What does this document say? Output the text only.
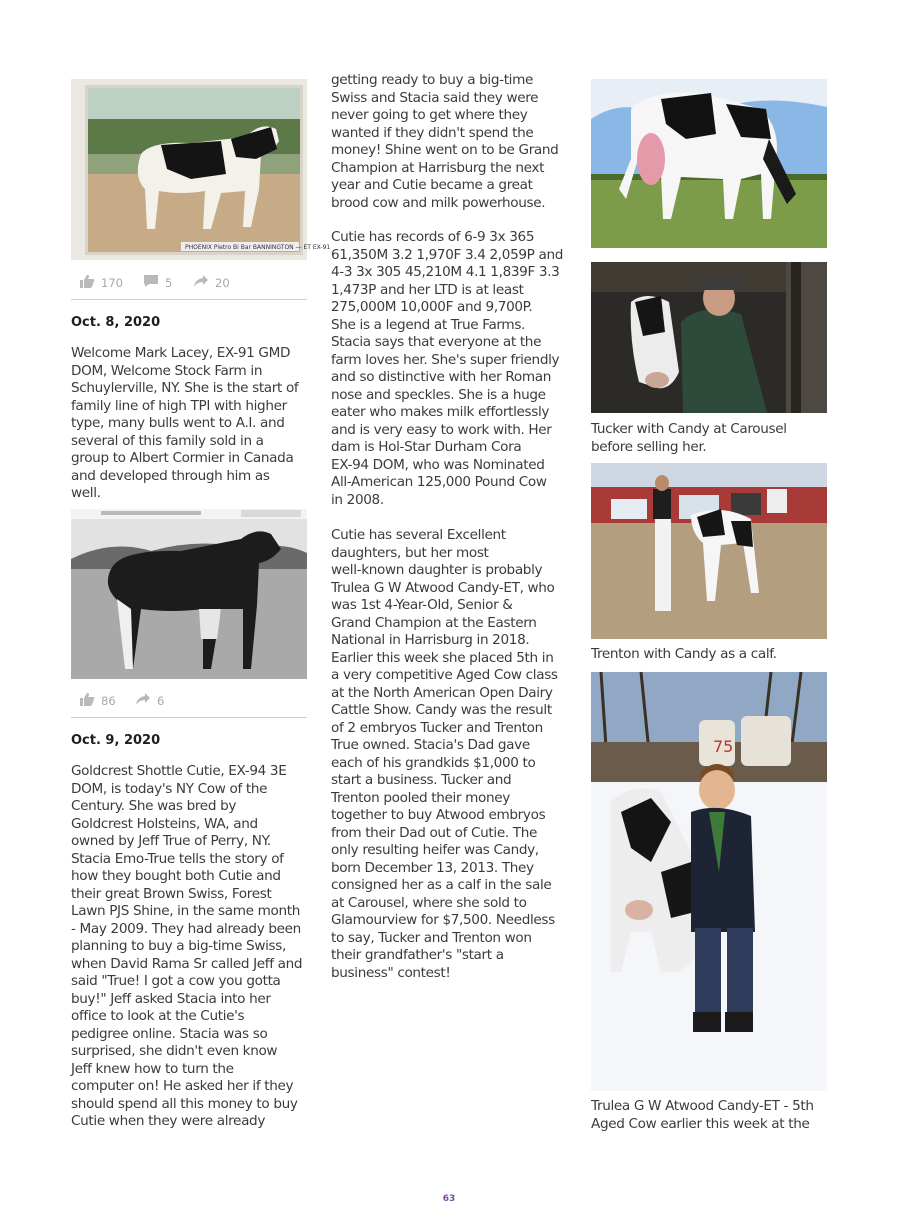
PHOENIX Pietro Bi Bar BANNINGTON — ET EX-91
170	5	20
Oct. 8, 2020

Welcome Mark Lacey, EX-91 GMD
DOM, Welcome Stock Farm in
Schuylerville, NY. She is the start of
family line of high TPI with higher
type, many bulls went to A.I. and
several of this family sold in a
group to Albert Cormier in Canada
and developed through him as
well.

86	6
Oct. 9, 2020

Goldcrest Shottle Cutie, EX-94 3E
DOM, is today's NY Cow of the
Century. She was bred by
Goldcrest Holsteins, WA, and
owned by Jeff True of Perry, NY.
Stacia Emo-True tells the story of
how they bought both Cutie and
their great Brown Swiss, Forest
Lawn PJS Shine, in the same month
- May 2009. They had already been
planning to buy a big-time Swiss,
when David Rama Sr called Jeff and
said "True! I got a cow you gotta
buy!" Jeff asked Stacia into her
office to look at the Cutie's
pedigree online. Stacia was so
surprised, she didn't even know
Jeff knew how to turn the
computer on! He asked her if they
should spend all this money to buy
Cutie when they were already

getting ready to buy a big-time
Swiss and Stacia said they were
never going to get where they
wanted if they didn't spend the
money! Shine went on to be Grand
Champion at Harrisburg the next
year and Cutie became a great
brood cow and milk powerhouse.

Cutie has records of 6-9 3x 365
61,350M 3.2 1,970F 3.4 2,059P and
4-3 3x 305 45,210M 4.1 1,839F 3.3
1,473P and her LTD is at least
275,000M 10,000F and 9,700P.
She is a legend at True Farms.
Stacia says that everyone at the
farm loves her. She's super friendly
and so distinctive with her Roman
nose and speckles. She is a huge
eater who makes milk effortlessly
and is very easy to work with. Her
dam is Hol-Star Durham Cora
EX-94 DOM, who was Nominated
All-American 125,000 Pound Cow
in 2008.

Cutie has several Excellent
daughters, but her most
well-known daughter is probably
Trulea G W Atwood Candy-ET, who
was 1st 4-Year-Old, Senior &
Grand Champion at the Eastern
National in Harrisburg in 2018.
Earlier this week she placed 5th in
a very competitive Aged Cow class
at the North American Open Dairy
Cattle Show. Candy was the result
of 2 embryos Tucker and Trenton
True owned. Stacia's Dad gave
each of his grandkids $1,000 to
start a business. Tucker and
Trenton pooled their money
together to buy Atwood embryos
from their Dad out of Cutie. The
only resulting heifer was Candy,
born December 13, 2013. They
consigned her as a calf in the sale
at Carousel, where she sold to
Glamourview for $7,500. Needless
to say, Tucker and Trenton won
their grandfather's "start a
business" contest!

Tucker with Candy at Carousel
before selling her.
Trenton with Candy as a calf.
75
Trulea G W Atwood Candy-ET - 5th
Aged Cow earlier this week at the
63
